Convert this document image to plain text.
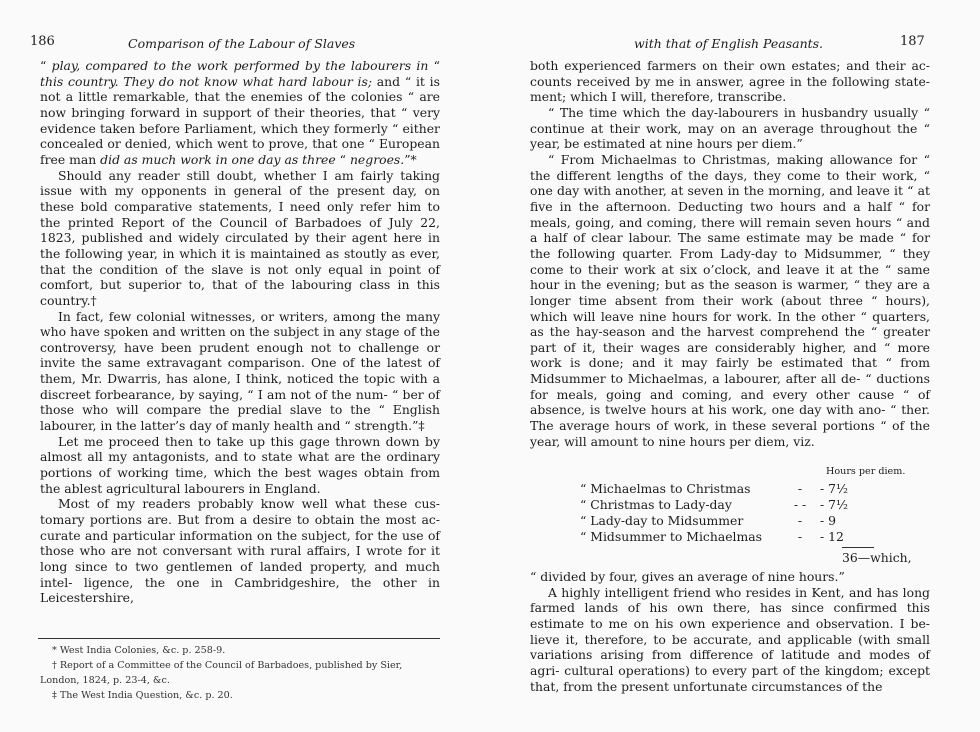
186	Comparison of the Labour of Slaves

“ play, compared to the work performed by the labourers in “ this country. They do not know what hard labour is; and “ it is not a little remarkable, that the enemies of the colonies “ are now bringing forward in support of their theories, that “ very evidence taken before Parliament, which they formerly “ either concealed or denied, which went to prove, that one “ European free man did as much work in one day as three “ negroes.”*

Should any reader still doubt, whether I am fairly taking issue with my opponents in general of the present day, on these bold comparative statements, I need only refer him to the printed Report of the Council of Barbadoes of July 22, 1823, published and widely circulated by their agent here in the following year, in which it is maintained as stoutly as ever, that the condition of the slave is not only equal in point of comfort, but superior to, that of the labouring class in this country.†

In fact, few colonial witnesses, or writers, among the many who have spoken and written on the subject in any stage of the controversy, have been prudent enough not to challenge or invite the same extravagant comparison. One of the latest of them, Mr. Dwarris, has alone, I think, noticed the topic with a discreet forbearance, by saying, “ I am not of the num- “ ber of those who will compare the predial slave to the “ English labourer, in the latter’s day of manly health and “ strength.”‡

Let me proceed then to take up this gage thrown down by almost all my antagonists, and to state what are the ordinary portions of working time, which the best wages obtain from the ablest agricultural labourers in England.

Most of my readers probably know well what these cus- tomary portions are. But from a desire to obtain the most ac- curate and particular information on the subject, for the use of those who are not conversant with rural affairs, I wrote for it long since to two gentlemen of landed property, and much intel- ligence, the one in Cambridgeshire, the other in Leicestershire,

* West India Colonies, &c. p. 258-9.

† Report of a Committee of the Council of Barbadoes, published by Sier, London, 1824, p. 23-4, &c.

‡ The West India Question, &c. p. 20.

with that of English Peasants.	187

both experienced farmers on their own estates; and their ac- counts received by me in answer, agree in the following state- ment; which I will, therefore, transcribe.

“ The time which the day-labourers in husbandry usually “ continue at their work, may on an average throughout the “ year, be estimated at nine hours per diem.”

“ From Michaelmas to Christmas, making allowance for “ the different lengths of the days, they come to their work, “ one day with another, at seven in the morning, and leave it “ at five in the afternoon. Deducting two hours and a half “ for meals, going, and coming, there will remain seven hours “ and a half of clear labour. The same estimate may be made “ for the following quarter. From Lady-day to Midsummer, “ they come to their work at six o’clock, and leave it at the “ same hour in the evening; but as the season is warmer, “ they are a longer time absent from their work (about three “ hours), which will leave nine hours for work. In the other “ quarters, as the hay-season and the harvest comprehend the “ greater part of it, their wages are considerably higher, and “ more work is done; and it may fairly be estimated that “ from Midsummer to Michaelmas, a labourer, after all de- “ ductions for meals, going and coming, and every other cause “ of absence, is twelve hours at his work, one day with ano- “ ther. The average hours of work, in these several portions “ of the year, will amount to nine hours per diem, viz.

Hours per diem.
“ Michaelmas to Christmas	-	- 7½
“ Christmas to Lady-day	- -	- 7½
“ Lady-day to Midsummer	-	- 9
“ Midsummer to Michaelmas	-	- 12
36—which,

“ divided by four, gives an average of nine hours.”

A highly intelligent friend who resides in Kent, and has long farmed lands of his own there, has since confirmed this estimate to me on his own experience and observation. I be- lieve it, therefore, to be accurate, and applicable (with small variations arising from difference of latitude and modes of agri- cultural operations) to every part of the kingdom; except that, from the present unfortunate circumstances of the
